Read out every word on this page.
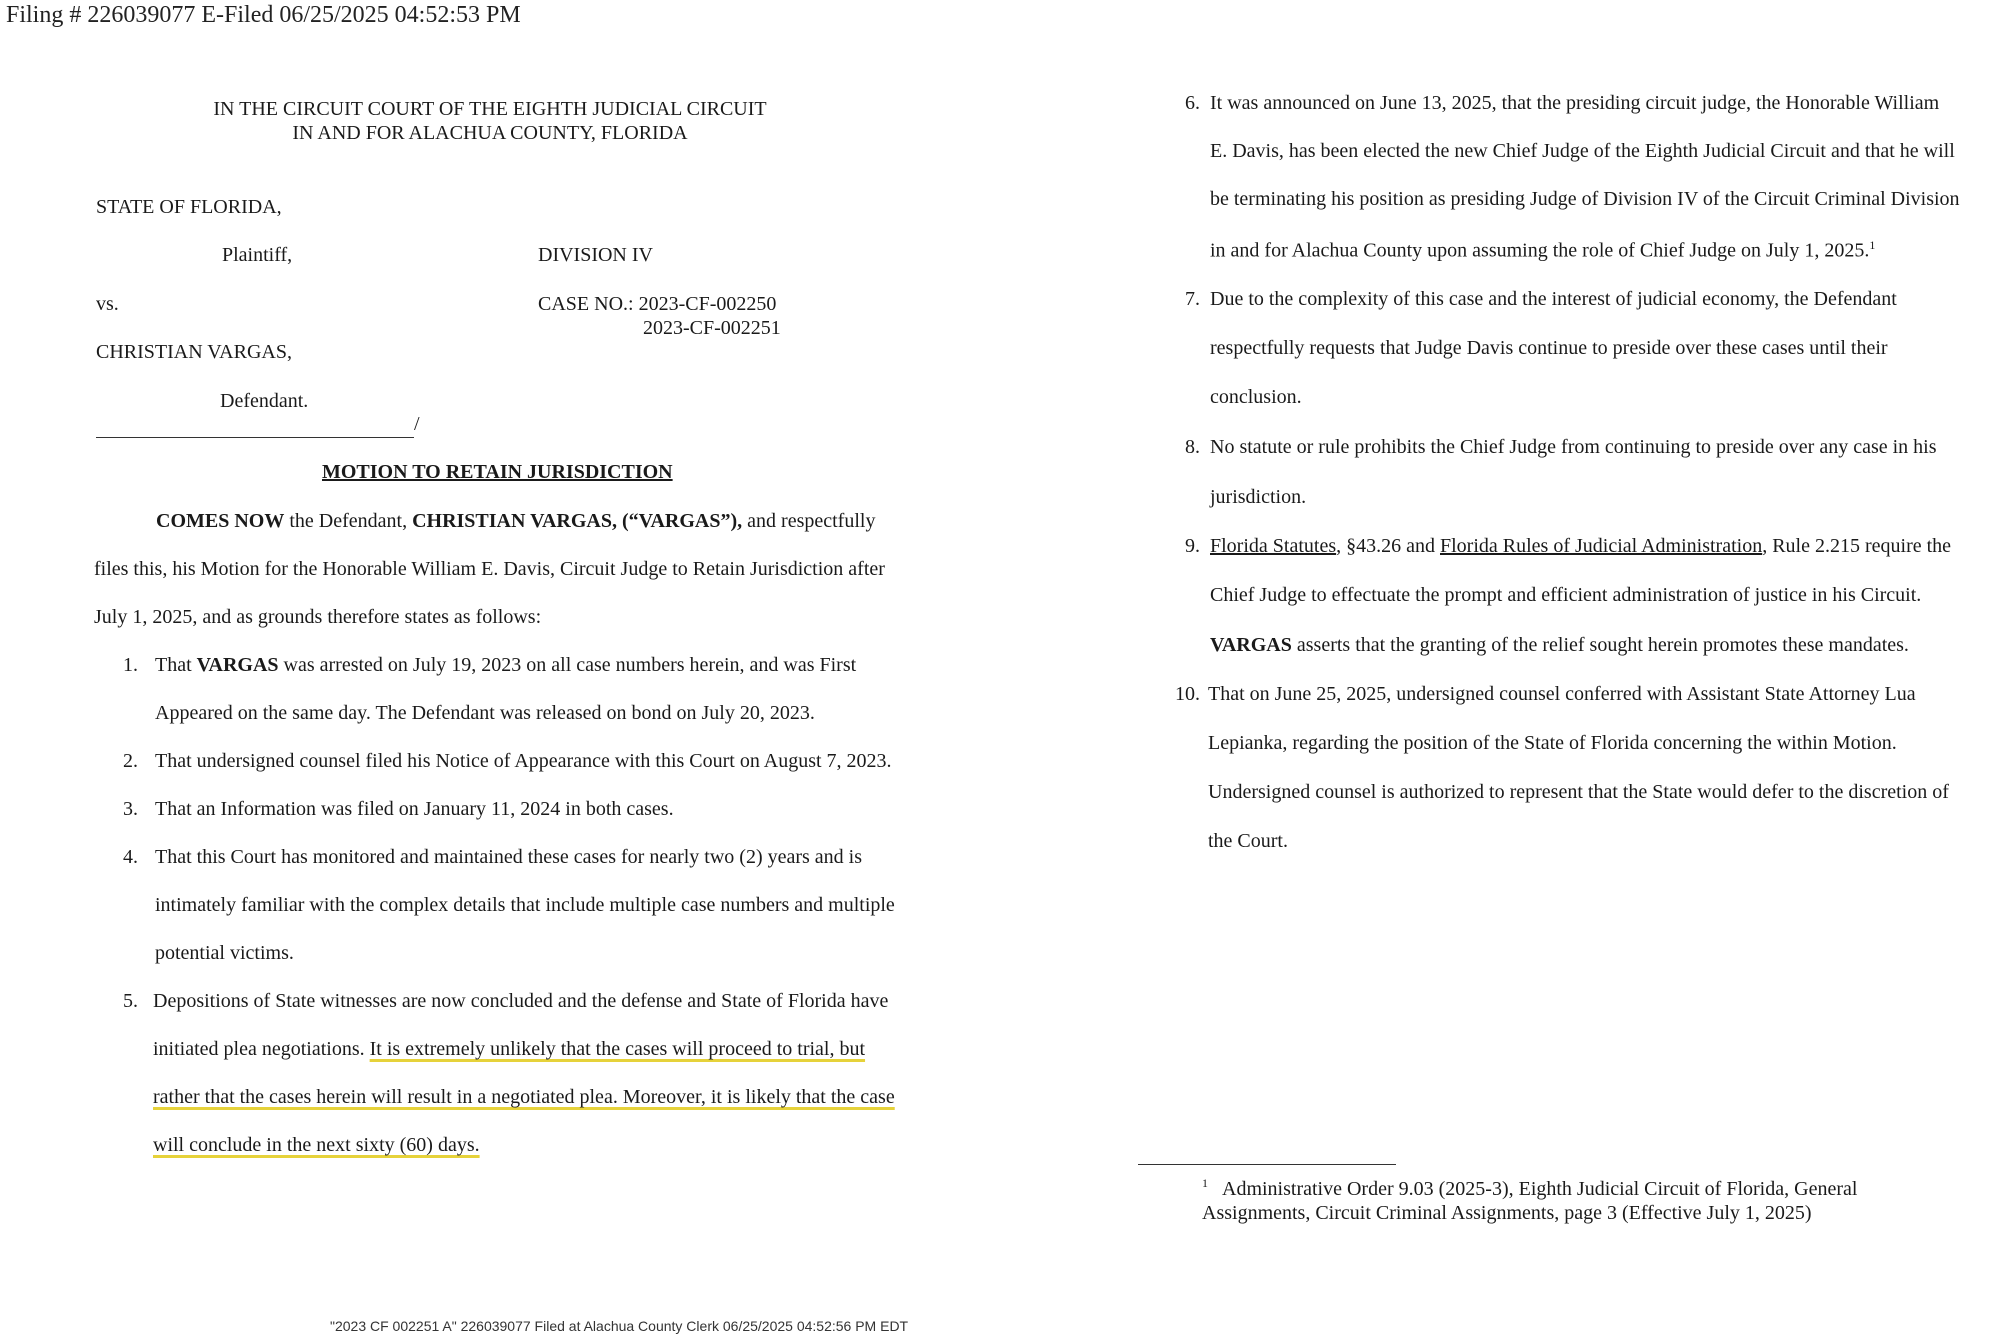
Filing # 226039077 E-Filed 06/25/2025 04:52:53 PM
IN THE CIRCUIT COURT OF THE EIGHTH JUDICIAL CIRCUIT
IN AND FOR ALACHUA COUNTY, FLORIDA
STATE OF FLORIDA,
Plaintiff,	DIVISION IV
vs.	CASE NO.: 2023-CF-002250
2023-CF-002251
CHRISTIAN VARGAS,
Defendant.
/
MOTION TO RETAIN JURISDICTION
COMES NOW the Defendant, CHRISTIAN VARGAS, (“VARGAS”), and respectfully
files this, his Motion for the Honorable William E. Davis, Circuit Judge to Retain Jurisdiction after
July 1, 2025, and as grounds therefore states as follows:
1. That VARGAS was arrested on July 19, 2023 on all case numbers herein, and was First
Appeared on the same day. The Defendant was released on bond on July 20, 2023.
2. That undersigned counsel filed his Notice of Appearance with this Court on August 7, 2023.
3. That an Information was filed on January 11, 2024 in both cases.
4. That this Court has monitored and maintained these cases for nearly two (2) years and is
intimately familiar with the complex details that include multiple case numbers and multiple
potential victims.
5. Depositions of State witnesses are now concluded and the defense and State of Florida have
initiated plea negotiations. It is extremely unlikely that the cases will proceed to trial, but
rather that the cases herein will result in a negotiated plea. Moreover, it is likely that the case
will conclude in the next sixty (60) days.
6. It was announced on June 13, 2025, that the presiding circuit judge, the Honorable William
E. Davis, has been elected the new Chief Judge of the Eighth Judicial Circuit and that he will
be terminating his position as presiding Judge of Division IV of the Circuit Criminal Division
in and for Alachua County upon assuming the role of Chief Judge on July 1, 2025.$^1$
7. Due to the complexity of this case and the interest of judicial economy, the Defendant
respectfully requests that Judge Davis continue to preside over these cases until their
conclusion.
8. No statute or rule prohibits the Chief Judge from continuing to preside over any case in his
jurisdiction.
9. Florida Statutes, §43.26 and Florida Rules of Judicial Administration, Rule 2.215 require the
Chief Judge to effectuate the prompt and efficient administration of justice in his Circuit.
VARGAS asserts that the granting of the relief sought herein promotes these mandates.
10. That on June 25, 2025, undersigned counsel conferred with Assistant State Attorney Lua
Lepianka, regarding the position of the State of Florida concerning the within Motion.
Undersigned counsel is authorized to represent that the State would defer to the discretion of
the Court.
$^1$ Administrative Order 9.03 (2025-3), Eighth Judicial Circuit of Florida, General
Assignments, Circuit Criminal Assignments, page 3 (Effective July 1, 2025)
"2023 CF 002251 A" 226039077 Filed at Alachua County Clerk 06/25/2025 04:52:56 PM EDT
